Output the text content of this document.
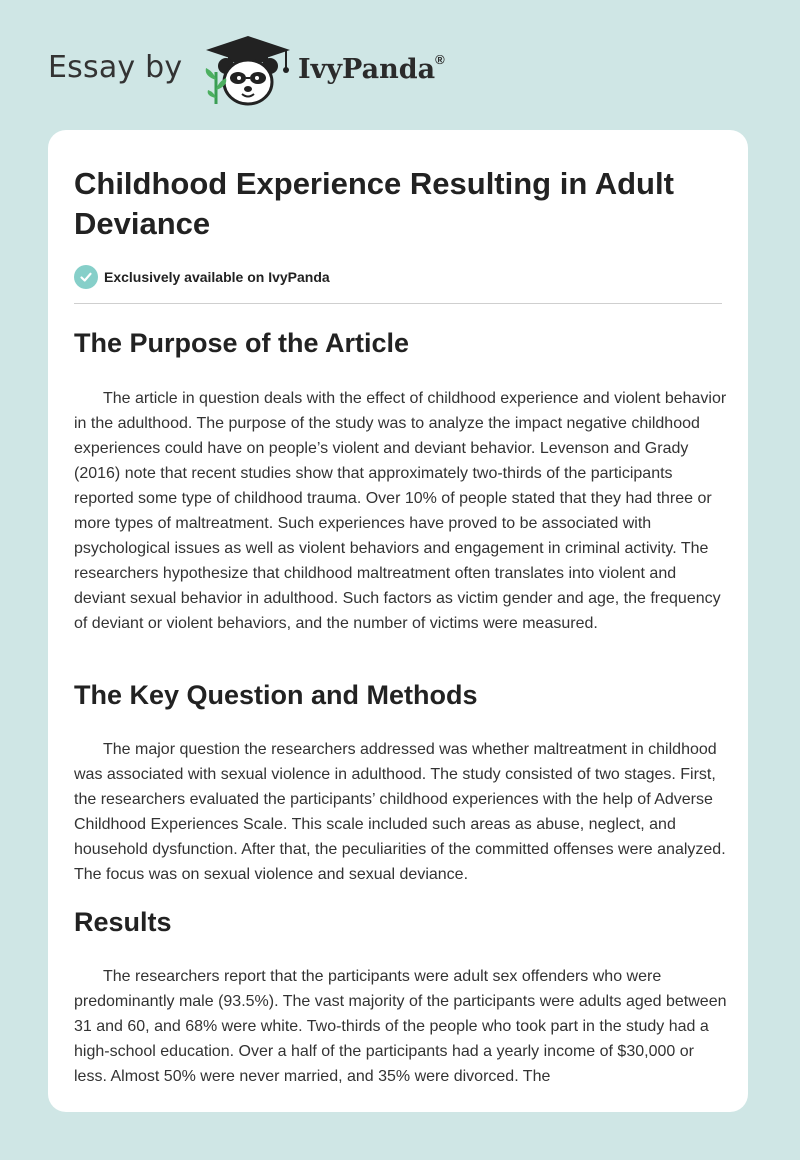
Essay by	IvyPanda®
Childhood Experience Resulting in Adult Deviance
Exclusively available on IvyPanda
The Purpose of the Article

The article in question deals with the effect of childhood experience and violent behavior in the adulthood. The purpose of the study was to analyze the impact negative childhood experiences could have on people’s violent and deviant behavior. Levenson and Grady (2016) note that recent studies show that approximately two-thirds of the participants reported some type of childhood trauma. Over 10% of people stated that they had three or more types of maltreatment. Such experiences have proved to be associated with psychological issues as well as violent behaviors and engagement in criminal activity. The researchers hypothesize that childhood maltreatment often translates into violent and deviant sexual behavior in adulthood. Such factors as victim gender and age, the frequency of deviant or violent behaviors, and the number of victims were measured.

The Key Question and Methods

The major question the researchers addressed was whether maltreatment in childhood was associated with sexual violence in adulthood. The study consisted of two stages. First, the researchers evaluated the participants’ childhood experiences with the help of Adverse Childhood Experiences Scale. This scale included such areas as abuse, neglect, and household dysfunction. After that, the peculiarities of the committed offenses were analyzed. The focus was on sexual violence and sexual deviance.

Results

The researchers report that the participants were adult sex offenders who were predominantly male (93.5%). The vast majority of the participants were adults aged between 31 and 60, and 68% were white. Two-thirds of the people who took part in the study had a high-school education. Over a half of the participants had a yearly income of $30,000 or less. Almost 50% were never married, and 35% were divorced. The
